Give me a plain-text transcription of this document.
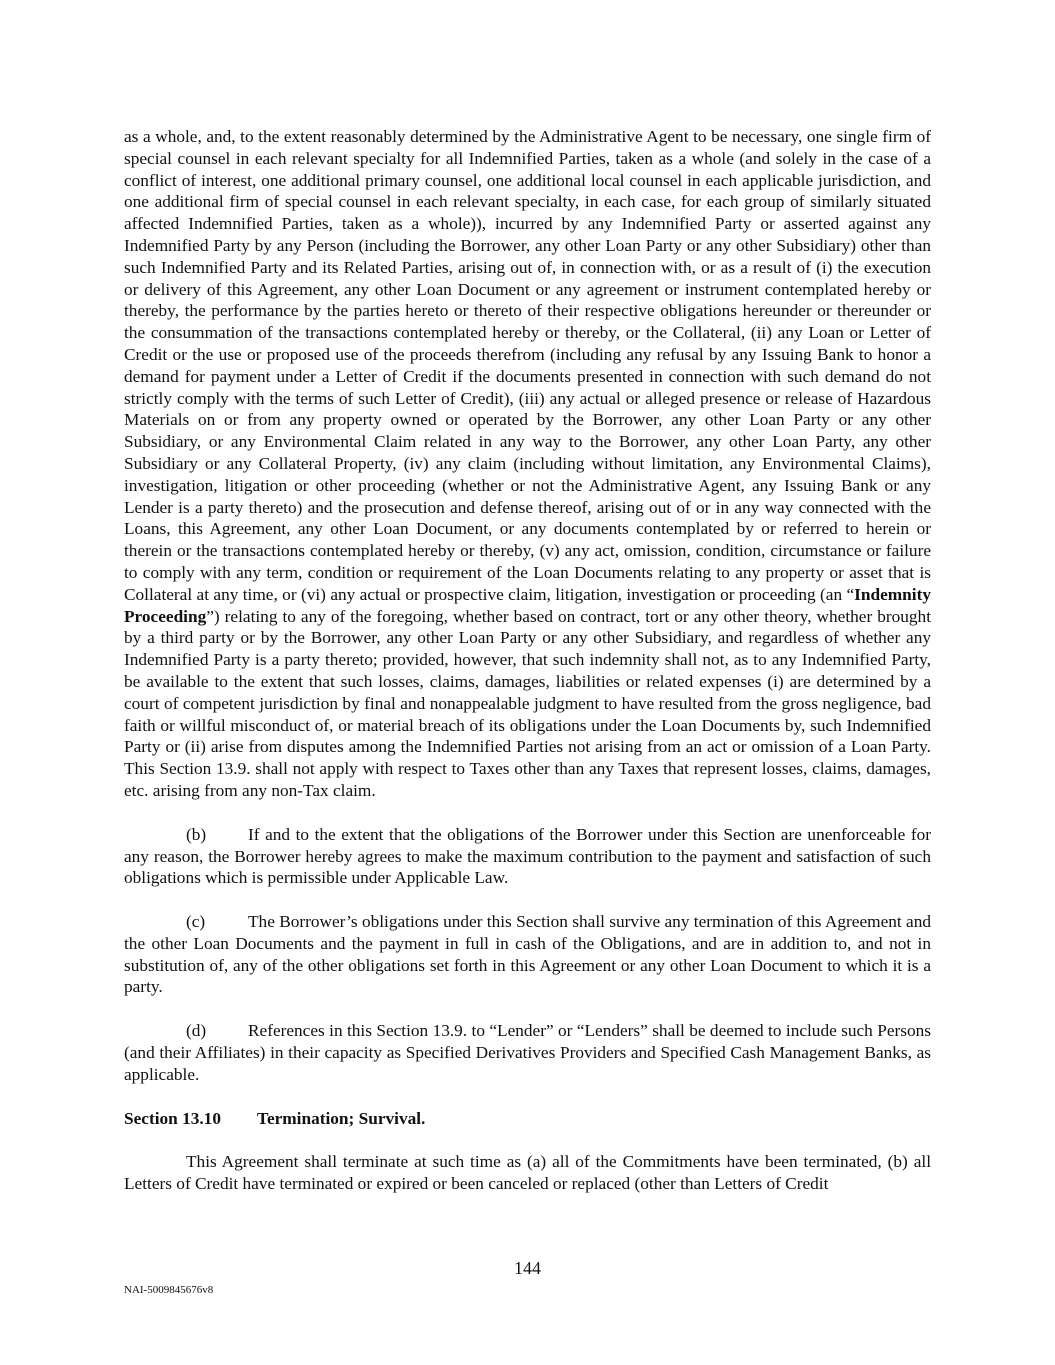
as a whole, and, to the extent reasonably determined by the Administrative Agent to be necessary, one single firm of special counsel in each relevant specialty for all Indemnified Parties, taken as a whole (and solely in the case of a conflict of interest, one additional primary counsel, one additional local counsel in each applicable jurisdiction, and one additional firm of special counsel in each relevant specialty, in each case, for each group of similarly situated affected Indemnified Parties, taken as a whole)), incurred by any Indemnified Party or asserted against any Indemnified Party by any Person (including the Borrower, any other Loan Party or any other Subsidiary) other than such Indemnified Party and its Related Parties, arising out of, in connection with, or as a result of (i) the execution or delivery of this Agreement, any other Loan Document or any agreement or instrument contemplated hereby or thereby, the performance by the parties hereto or thereto of their respective obligations hereunder or thereunder or the consummation of the transactions contemplated hereby or thereby, or the Collateral, (ii) any Loan or Letter of Credit or the use or proposed use of the proceeds therefrom (including any refusal by any Issuing Bank to honor a demand for payment under a Letter of Credit if the documents presented in connection with such demand do not strictly comply with the terms of such Letter of Credit), (iii) any actual or alleged presence or release of Hazardous Materials on or from any property owned or operated by the Borrower, any other Loan Party or any other Subsidiary, or any Environmental Claim related in any way to the Borrower, any other Loan Party, any other Subsidiary or any Collateral Property, (iv) any claim (including without limitation, any Environmental Claims), investigation, litigation or other proceeding (whether or not the Administrative Agent, any Issuing Bank or any Lender is a party thereto) and the prosecution and defense thereof, arising out of or in any way connected with the Loans, this Agreement, any other Loan Document, or any documents contemplated by or referred to herein or therein or the transactions contemplated hereby or thereby, (v) any act, omission, condition, circumstance or failure to comply with any term, condition or requirement of the Loan Documents relating to any property or asset that is Collateral at any time, or (vi) any actual or prospective claim, litigation, investigation or proceeding (an “Indemnity Proceeding”) relating to any of the foregoing, whether based on contract, tort or any other theory, whether brought by a third party or by the Borrower, any other Loan Party or any other Subsidiary, and regardless of whether any Indemnified Party is a party thereto; provided, however, that such indemnity shall not, as to any Indemnified Party, be available to the extent that such losses, claims, damages, liabilities or related expenses (i) are determined by a court of competent jurisdiction by final and nonappealable judgment to have resulted from the gross negligence, bad faith or willful misconduct of, or material breach of its obligations under the Loan Documents by, such Indemnified Party or (ii) arise from disputes among the Indemnified Parties not arising from an act or omission of a Loan Party. This Section 13.9. shall not apply with respect to Taxes other than any Taxes that represent losses, claims, damages, etc. arising from any non-Tax claim.

(b) If and to the extent that the obligations of the Borrower under this Section are unenforceable for any reason, the Borrower hereby agrees to make the maximum contribution to the payment and satisfaction of such obligations which is permissible under Applicable Law.

(c) The Borrower’s obligations under this Section shall survive any termination of this Agreement and the other Loan Documents and the payment in full in cash of the Obligations, and are in addition to, and not in substitution of, any of the other obligations set forth in this Agreement or any other Loan Document to which it is a party.

(d) References in this Section 13.9. to “Lender” or “Lenders” shall be deemed to include such Persons (and their Affiliates) in their capacity as Specified Derivatives Providers and Specified Cash Management Banks, as applicable.

Section 13.10 Termination; Survival.

This Agreement shall terminate at such time as (a) all of the Commitments have been terminated, (b) all Letters of Credit have terminated or expired or been canceled or replaced (other than Letters of Credit

144
NAI-5009845676v8
